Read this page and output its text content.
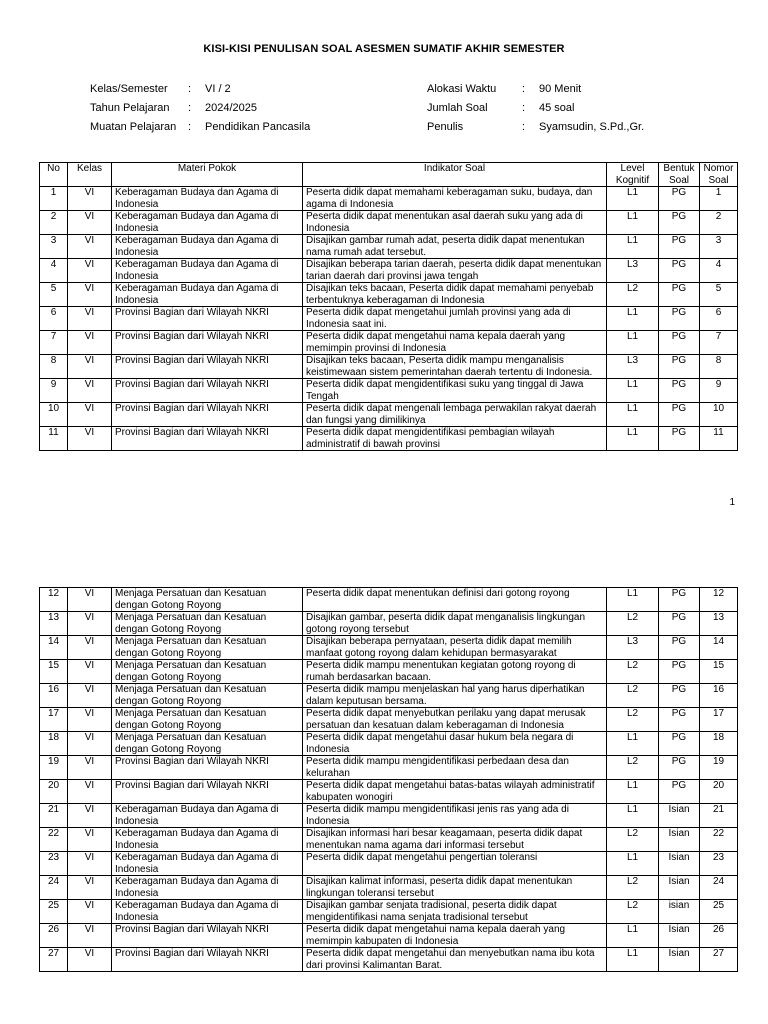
KISI-KISI PENULISAN SOAL ASESMEN SUMATIF AKHIR SEMESTER
Kelas/Semester	:	VI / 2
Tahun Pelajaran	:	2024/2025
Muatan Pelajaran	:	Pendidikan Pancasila
Alokasi Waktu	:	90 Menit
Jumlah Soal	:	45 soal
Penulis	:	Syamsudin, S.Pd.,Gr.
No	Kelas	Materi Pokok	Indikator Soal	Level Kognitif	Bentuk Soal	Nomor Soal
1	VI	Keberagaman Budaya dan Agama di Indonesia	Peserta didik dapat memahami keberagaman suku, budaya, dan agama di Indonesia	L1	PG	1
2	VI	Keberagaman Budaya dan Agama di Indonesia	Peserta didik dapat menentukan asal daerah suku yang ada di Indonesia	L1	PG	2
3	VI	Keberagaman Budaya dan Agama di Indonesia	Disajikan gambar rumah adat, peserta didik dapat menentukan nama rumah adat tersebut.	L1	PG	3
4	VI	Keberagaman Budaya dan Agama di Indonesia	Disajikan beberapa tarian daerah, peserta didik dapat menentukan tarian daerah dari provinsi jawa tengah	L3	PG	4
5	VI	Keberagaman Budaya dan Agama di Indonesia	Disajikan teks bacaan, Peserta didik dapat memahami penyebab terbentuknya keberagaman di Indonesia	L2	PG	5
6	VI	Provinsi Bagian dari Wilayah NKRI	Peserta didik dapat mengetahui jumlah provinsi yang ada di Indonesia saat ini.	L1	PG	6
7	VI	Provinsi Bagian dari Wilayah NKRI	Peserta didik dapat mengetahui nama kepala daerah yang memimpin provinsi di Indonesia	L1	PG	7
8	VI	Provinsi Bagian dari Wilayah NKRI	Disajikan teks bacaan, Peserta didik mampu menganalisis keistimewaan sistem pemerintahan daerah tertentu di Indonesia.	L3	PG	8
9	VI	Provinsi Bagian dari Wilayah NKRI	Peserta didik dapat mengidentifikasi suku yang tinggal di Jawa Tengah	L1	PG	9
10	VI	Provinsi Bagian dari Wilayah NKRI	Peserta didik dapat mengenali lembaga perwakilan rakyat daerah dan fungsi yang dimilikinya	L1	PG	10
11	VI	Provinsi Bagian dari Wilayah NKRI	Peserta didik dapat mengidentifikasi pembagian wilayah administratif di bawah provinsi	L1	PG	11
1
12	VI	Menjaga Persatuan dan Kesatuan dengan Gotong Royong	Peserta didik dapat menentukan definisi dari gotong royong	L1	PG	12
13	VI	Menjaga Persatuan dan Kesatuan dengan Gotong Royong	Disajikan gambar, peserta didik dapat menganalisis lingkungan gotong royong tersebut	L2	PG	13
14	VI	Menjaga Persatuan dan Kesatuan dengan Gotong Royong	Disajikan beberapa pernyataan, peserta didik dapat memilih manfaat gotong royong dalam kehidupan bermasyarakat	L3	PG	14
15	VI	Menjaga Persatuan dan Kesatuan dengan Gotong Royong	Peserta didik mampu menentukan kegiatan gotong royong di rumah berdasarkan bacaan.	L2	PG	15
16	VI	Menjaga Persatuan dan Kesatuan dengan Gotong Royong	Peserta didik mampu menjelaskan hal yang harus diperhatikan dalam keputusan bersama.	L2	PG	16
17	VI	Menjaga Persatuan dan Kesatuan dengan Gotong Royong	Peserta didik dapat menyebutkan perilaku yang dapat merusak persatuan dan kesatuan dalam keberagaman di Indonesia	L2	PG	17
18	VI	Menjaga Persatuan dan Kesatuan dengan Gotong Royong	Peserta didik dapat mengetahui dasar hukum bela negara di Indonesia	L1	PG	18
19	VI	Provinsi Bagian dari Wilayah NKRI	Peserta didik mampu mengidentifikasi perbedaan desa dan kelurahan	L2	PG	19
20	VI	Provinsi Bagian dari Wilayah NKRI	Peserta didik dapat mengetahui batas-batas wilayah administratif kabupaten wonogiri	L1	PG	20
21	VI	Keberagaman Budaya dan Agama di Indonesia	Peserta didik mampu mengidentifikasi jenis ras yang ada di Indonesia	L1	Isian	21
22	VI	Keberagaman Budaya dan Agama di Indonesia	Disajikan informasi hari besar keagamaan, peserta didik dapat menentukan nama agama dari informasi tersebut	L2	Isian	22
23	VI	Keberagaman Budaya dan Agama di Indonesia	Peserta didik dapat mengetahui pengertian toleransi	L1	Isian	23
24	VI	Keberagaman Budaya dan Agama di Indonesia	Disajikan kalimat informasi, peserta didik dapat menentukan lingkungan toleransi tersebut	L2	Isian	24
25	VI	Keberagaman Budaya dan Agama di Indonesia	Disajikan gambar senjata tradisional, peserta didik dapat mengidentifikasi nama senjata tradisional tersebut	L2	isian	25
26	VI	Provinsi Bagian dari Wilayah NKRI	Peserta didik dapat mengetahui nama kepala daerah yang memimpin kabupaten di Indonesia	L1	Isian	26
27	VI	Provinsi Bagian dari Wilayah NKRI	Peserta didik dapat mengetahui dan menyebutkan nama ibu kota dari provinsi Kalimantan Barat.	L1	Isian	27
